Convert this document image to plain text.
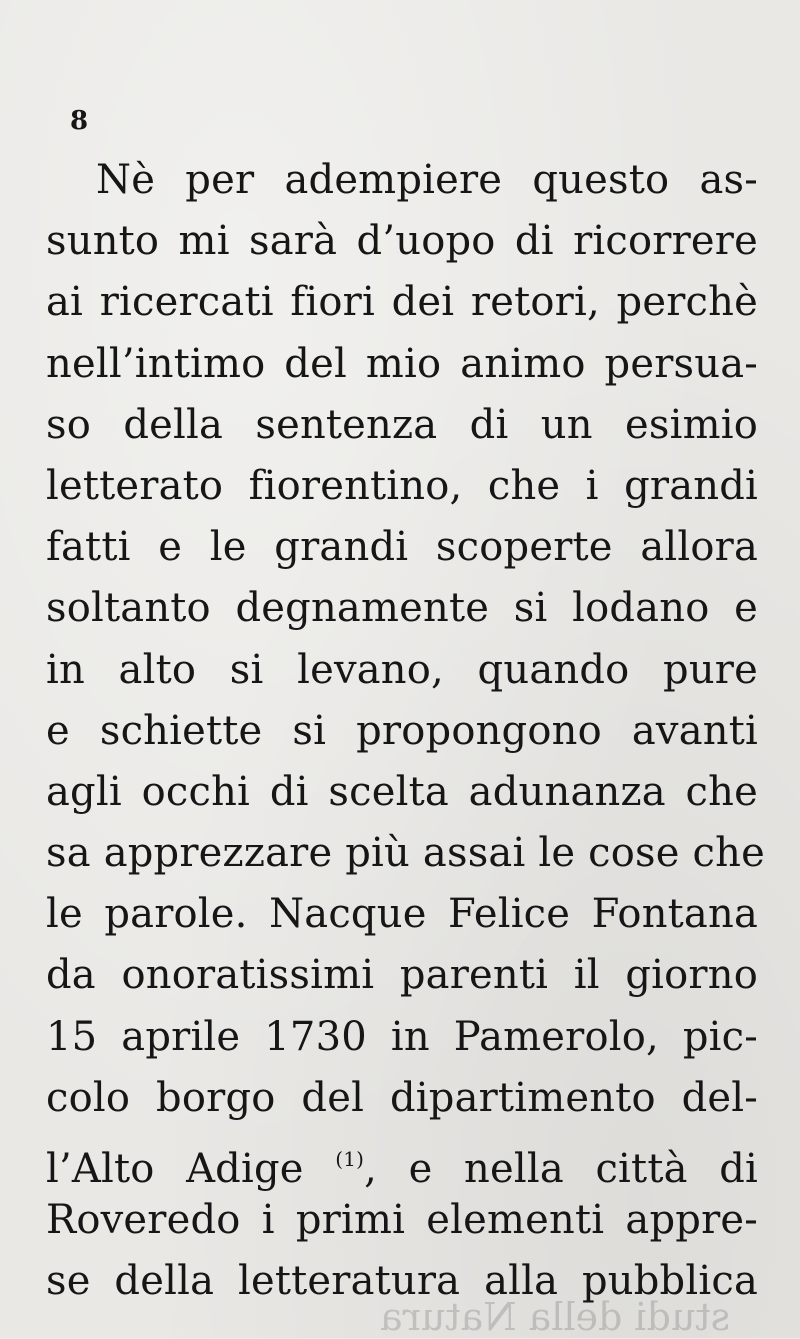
8
Nè per adempiere questo as-
sunto mi sarà d’uopo di ricorrere
ai ricercati fiori dei retori, perchè
nell’intimo del mio animo persua-
so della sentenza di un esimio
letterato fiorentino, che i grandi
fatti e le grandi scoperte allora
soltanto degnamente si lodano e
in alto si levano, quando pure
e schiette si propongono avanti
agli occhi di scelta adunanza che
sa apprezzare più assai le cose che
le parole. Nacque Felice Fontana
da onoratissimi parenti il giorno
15 aprile 1730 in Pamerolo, pic-
colo borgo del dipartimento del-
l’Alto Adige $^{(1)}$, e nella città di
Roveredo i primi elementi appre-
se della letteratura alla pubblica
studi della Natura
